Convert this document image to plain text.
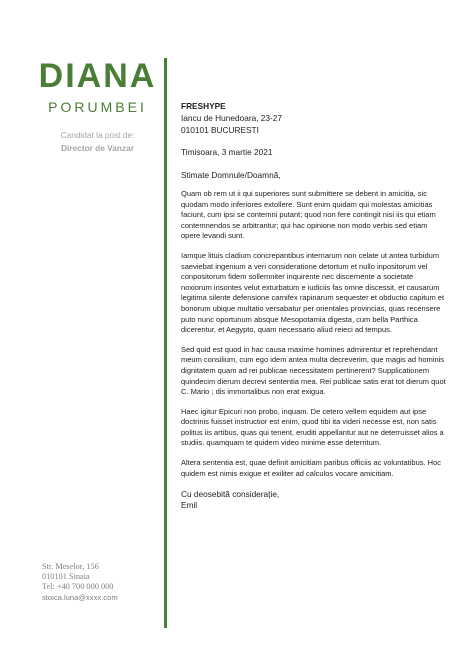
DIANA
PORUMBEI
Candidat la post de:
Director de Vanzar
Str. Meselor, 156
010101 Sinaia
Tel: +40 700 000 000
stoica.luna@xxxx.com
FRESHYPE
Iancu de Hunedoara, 23-27
010101 BUCURESTI
Timisoara, 3 martie 2021
Stimate Domnule/Doamnă,

Quam ob rem ut ii qui superiores sunt submittere se debent in amicitia, sic quodam modo inferiores extollere. Sunt enim quidam qui molestas amicitias faciunt, cum ipsi se contemni putant; quod non fere contingit nisi iis qui etiam contemnendos se arbitrantur; qui hac opinione non modo verbis sed etiam opere levandi sunt.

Iamque lituis cladium concrepantibus internarum non celate ut antea turbidum saeviebat ingenium a veri consideratione detortum et nullo inpositorum vel conpositorum fidem sollemniter inquirente nec discernente a societate noxiorum insontes velut exturbatum e iudiciis fas omne discessit, et causarum legitima silente defensione carnifex rapinarum sequester et obductio capitum et bonorum ubique multatio versabatur per orientales provincias, quas recensere puto nunc oportunum absque Mesopotamia digesta, cum bella Parthica dicerentur, et Aegypto, quam necessario aliud reieci ad tempus.

Sed quid est quod in hac causa maxime homines admirentur et reprehendant meum consilium, cum ego idem antea multa decreverim, que magis ad hominis dignitatem quam ad rei publicae necessitatem pertinerent? Supplicationem quindecim dierum decrevi sententia mea. Rei publicae satis erat tot dierum quot C. Mario ; dis immortalibus non erat exigua.

Haec igitur Epicuri non probo, inquam. De cetero vellem equidem aut ipse doctrinis fuisset instructior est enim, quod tibi ita videri necesse est, non satis politus iis artibus, quas qui tenent, eruditi appellantur aut ne deterruisset alios a studiis. quamquam te quidem video minime esse deterritum.

Altera sententia est, quae definit amicitiam paribus officiis ac voluntatibus. Hoc quidem est nimis exigue et exiliter ad calculos vocare amicitiam.

Cu deosebită considerație,
Emil
